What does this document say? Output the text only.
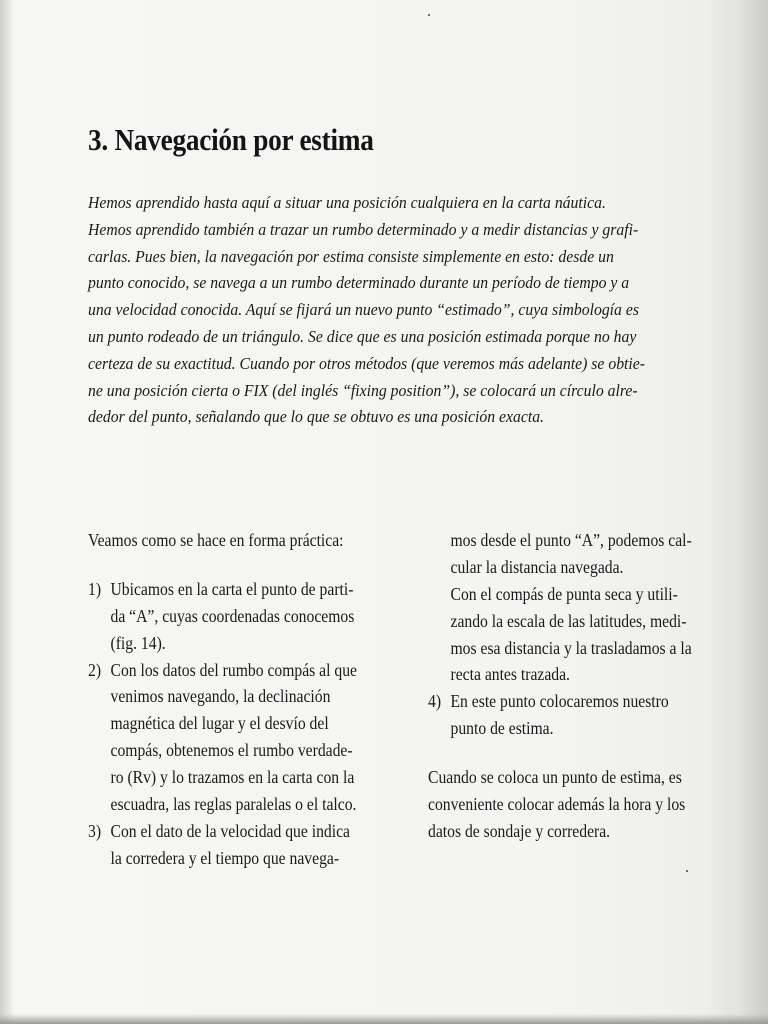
3. Navegación por estima

Hemos aprendido hasta aquí a situar una posición cualquiera en la carta náutica.
Hemos aprendido también a trazar un rumbo determinado y a medir distancias y grafi-
carlas. Pues bien, la navegación por estima consiste simplemente en esto: desde un
punto conocido, se navega a un rumbo determinado durante un período de tiempo y a
una velocidad conocida. Aquí se fijará un nuevo punto “estimado”, cuya simbología es
un punto rodeado de un triángulo. Se dice que es una posición estimada porque no hay
certeza de su exactitud. Cuando por otros métodos (que veremos más adelante) se obtie-
ne una posición cierta o FIX (del inglés “fixing position”), se colocará un círculo alre-
dedor del punto, señalando que lo que se obtuvo es una posición exacta.

Veamos como se hace en forma práctica:
1) Ubicamos en la carta el punto de parti-
da “A”, cuyas coordenadas conocemos
(fig. 14).
2) Con los datos del rumbo compás al que
venimos navegando, la declinación
magnética del lugar y el desvío del
compás, obtenemos el rumbo verdade-
ro (Rv) y lo trazamos en la carta con la
escuadra, las reglas paralelas o el talco.
3) Con el dato de la velocidad que indica
la corredera y el tiempo que navega-
mos desde el punto “A”, podemos cal-
cular la distancia navegada.
Con el compás de punta seca y utili-
zando la escala de las latitudes, medi-
mos esa distancia y la trasladamos a la
recta antes trazada.
4) En este punto colocaremos nuestro
punto de estima.
Cuando se coloca un punto de estima, es
conveniente colocar además la hora y los
datos de sondaje y corredera.
